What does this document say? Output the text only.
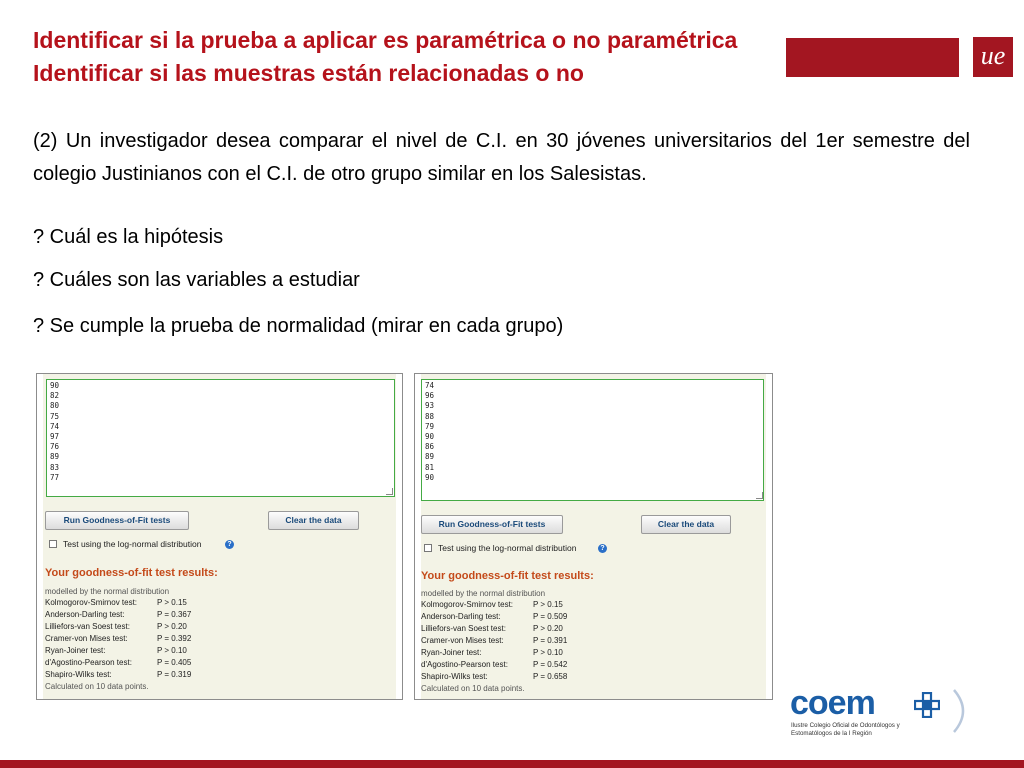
Identificar si la prueba a aplicar es paramétrica o no paramétrica
Identificar si las muestras están relacionadas o no
ue
(2) Un investigador desea comparar el nivel de C.I. en 30 jóvenes universitarios del 1er semestre del colegio Justinianos con el C.I. de otro grupo similar en los Salesistas.
? Cuál es la hipótesis
? Cuáles son las variables a estudiar
? Se cumple la prueba de normalidad (mirar en cada grupo)
90
82
80
75
74
97
76
89
83
77
Run Goodness-of-Fit tests	Clear the data
Test using the log-normal distribution	?
Your goodness-of-fit test results:
modelled by the normal distribution
Kolmogorov-Smirnov test: P > 0.15
Anderson-Darling test:	P = 0.367
Lilliefors-van Soest test:	P > 0.20
Cramer-von Mises test:	P = 0.392
Ryan-Joiner test:	P > 0.10
d'Agostino-Pearson test:	P = 0.405
Shapiro-Wilks test:	P = 0.319
Calculated on 10 data points.
74
96
93
88
79
90
86
89
81
90
Run Goodness-of-Fit tests	Clear the data
Test using the log-normal distribution	?
Your goodness-of-fit test results:
modelled by the normal distribution
Kolmogorov-Smirnov test: P > 0.15
Anderson-Darling test:	P = 0.509
Lilliefors-van Soest test:	P > 0.20
Cramer-von Mises test:	P = 0.391
Ryan-Joiner test:	P > 0.10
d'Agostino-Pearson test:	P = 0.542
Shapiro-Wilks test:	P = 0.658
Calculated on 10 data points.	coem
Ilustre Colegio Oficial de Odontólogos y
Estomatólogos de la I Región
